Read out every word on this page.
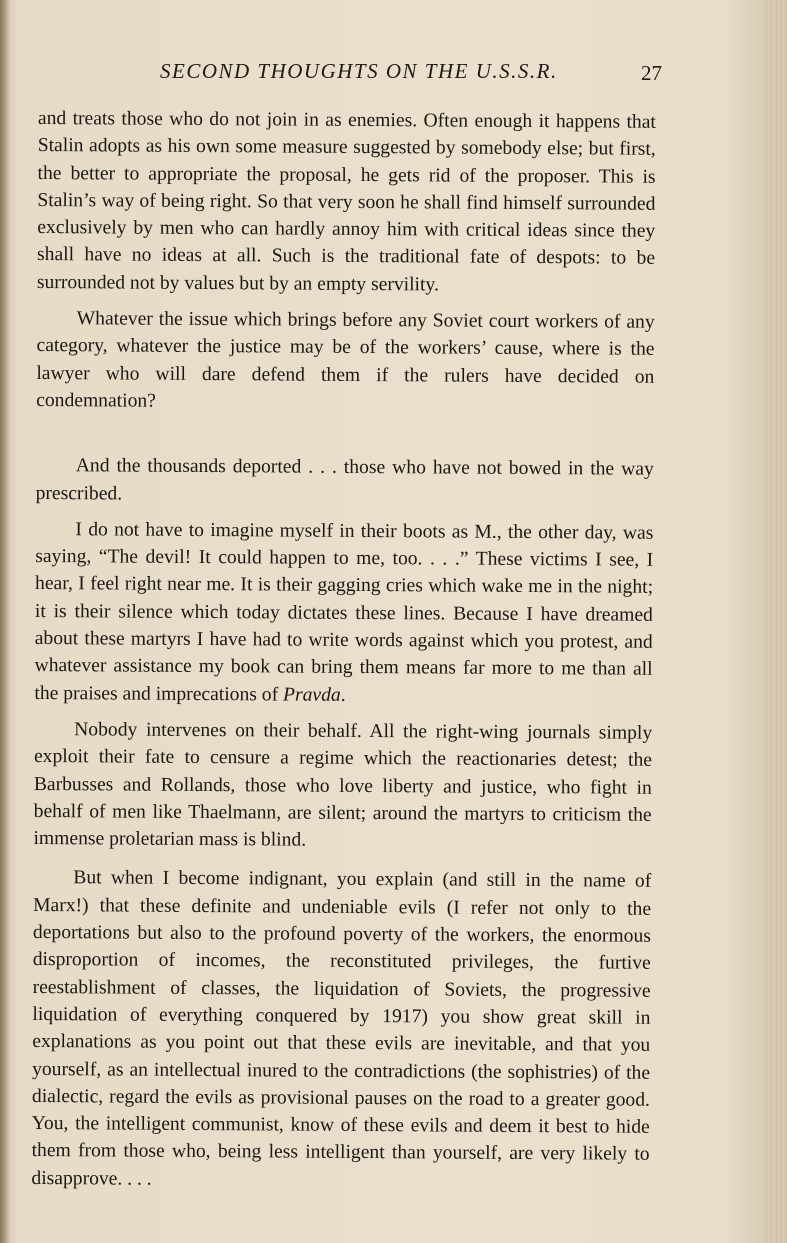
SECOND THOUGHTS ON THE U.S.S.R.	27

and treats those who do not join in as enemies. Often enough it happens that Stalin adopts as his own some measure suggested by somebody else; but first, the better to appropriate the proposal, he gets rid of the proposer. This is Stalin’s way of being right. So that very soon he shall find himself surrounded exclusively by men who can hardly annoy him with critical ideas since they shall have no ideas at all. Such is the traditional fate of despots: to be surrounded not by values but by an empty servility.

Whatever the issue which brings before any Soviet court workers of any category, whatever the justice may be of the workers’ cause, where is the lawyer who will dare defend them if the rulers have decided on condemnation?

And the thousands deported . . . those who have not bowed in the way prescribed.

I do not have to imagine myself in their boots as M., the other day, was saying, “The devil! It could happen to me, too. . . .” These victims I see, I hear, I feel right near me. It is their gagging cries which wake me in the night; it is their silence which today dictates these lines. Because I have dreamed about these martyrs I have had to write words against which you protest, and whatever assistance my book can bring them means far more to me than all the praises and imprecations of Pravda.

Nobody intervenes on their behalf. All the right-wing journals simply exploit their fate to censure a regime which the reactionaries detest; the Barbusses and Rollands, those who love liberty and justice, who fight in behalf of men like Thaelmann, are silent; around the martyrs to criticism the immense proletarian mass is blind.

But when I become indignant, you explain (and still in the name of Marx!) that these definite and undeniable evils (I refer not only to the deportations but also to the profound poverty of the workers, the enormous disproportion of incomes, the reconstituted privileges, the furtive reestablishment of classes, the liquidation of Soviets, the progressive liquidation of everything conquered by 1917) you show great skill in explanations as you point out that these evils are inevitable, and that you yourself, as an intellectual inured to the contradictions (the sophistries) of the dialectic, regard the evils as provisional pauses on the road to a greater good. You, the intelligent communist, know of these evils and deem it best to hide them from those who, being less intelligent than yourself, are very likely to disapprove. . . .
